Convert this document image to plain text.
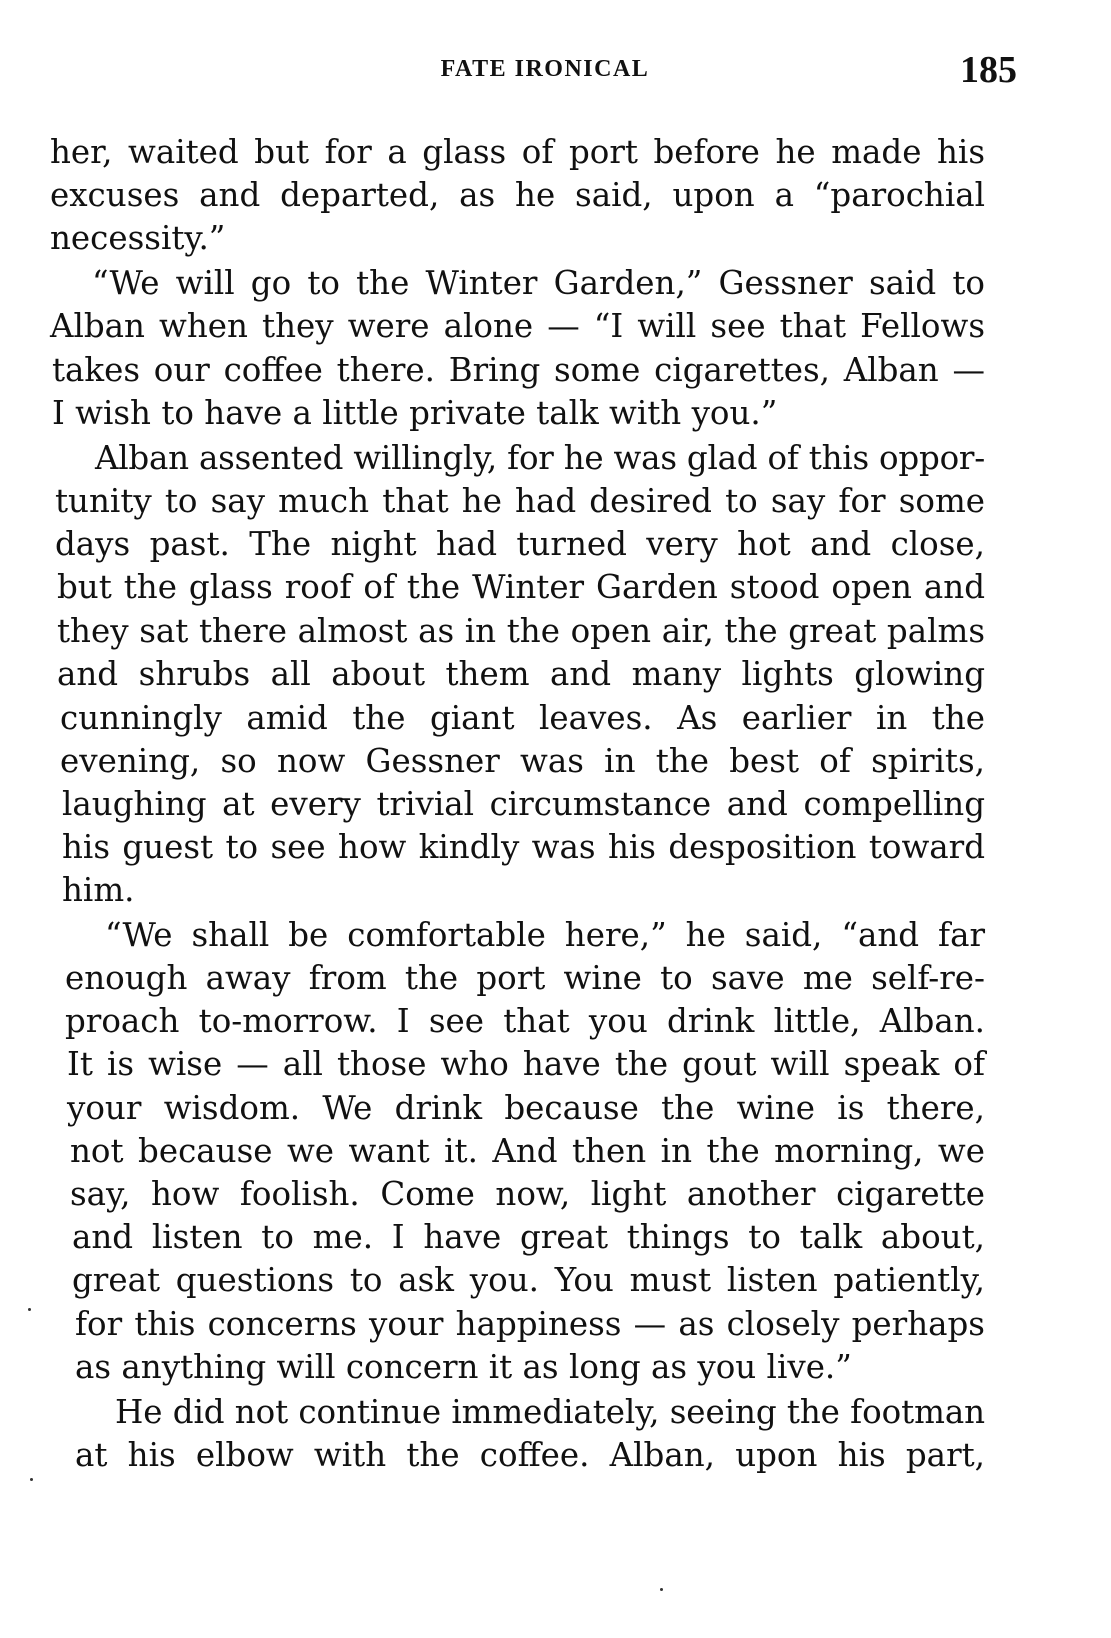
FATE IRONICAL	185
her, waited but for a glass of port before he made his
excuses and departed, as he said, upon a “parochial
necessity.”
“We will go to the Winter Garden,” Gessner said to
Alban when they were alone — “I will see that Fellows
takes our coffee there. Bring some cigarettes, Alban —
I wish to have a little private talk with you.”
Alban assented willingly, for he was glad of this oppor-
tunity to say much that he had desired to say for some
days past. The night had turned very hot and close,
but the glass roof of the Winter Garden stood open and
they sat there almost as in the open air, the great palms
and shrubs all about them and many lights glowing
cunningly amid the giant leaves. As earlier in the
evening, so now Gessner was in the best of spirits,
laughing at every trivial circumstance and compelling
his guest to see how kindly was his desposition toward
him.
“We shall be comfortable here,” he said, “and far
enough away from the port wine to save me self-re-
proach to-morrow. I see that you drink little, Alban.
It is wise — all those who have the gout will speak of
your wisdom. We drink because the wine is there,
not because we want it. And then in the morning, we
say, how foolish. Come now, light another cigarette
and listen to me. I have great things to talk about,
great questions to ask you. You must listen patiently,
for this concerns your happiness — as closely perhaps
as anything will concern it as long as you live.”
He did not continue immediately, seeing the footman
at his elbow with the coffee. Alban, upon his part,
